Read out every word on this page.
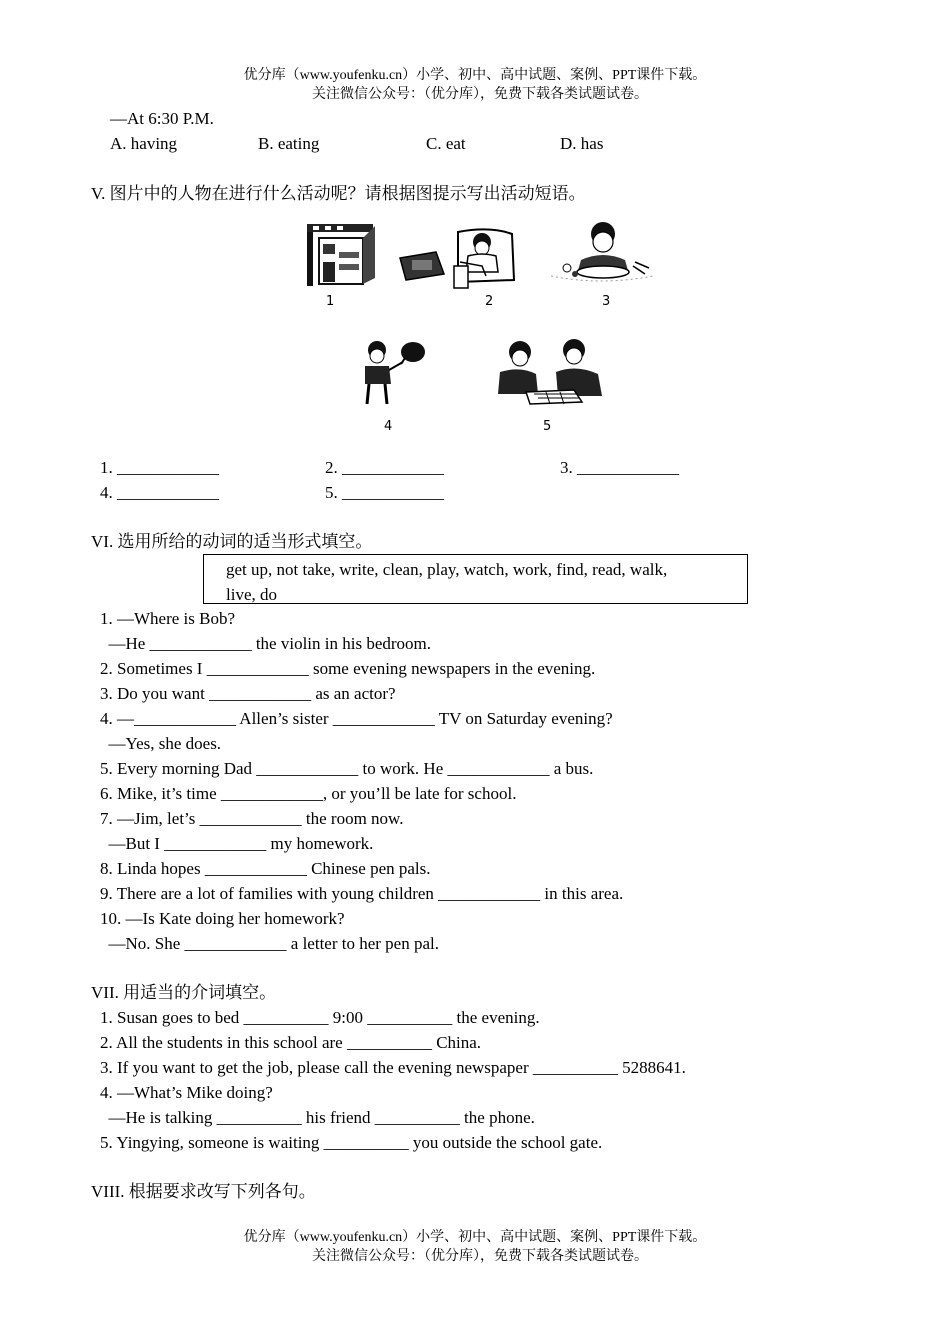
优分库（www.youfenku.cn）小学、初中、高中试题、案例、PPT课件下载。
关注微信公众号：（优分库），免费下载各类试题试卷。
—At 6:30 P.M.
A. having	B. eating	C. eat	D. has
V. 图片中的人物在进行什么活动呢？请根据图提示写出活动短语。
1	2	3
4	5
1. ____________	2. ____________	3. ____________
4. ____________	5. ____________
VI. 选用所给的动词的适当形式填空。
get up, not take, write, clean, play, watch, work, find, read, walk,
live, do
1. —Where is Bob?
—He ____________ the violin in his bedroom.
2. Sometimes I ____________ some evening newspapers in the evening.
3. Do you want ____________ as an actor?
4. —____________ Allen’s sister ____________ TV on Saturday evening?
—Yes, she does.
5. Every morning Dad ____________ to work. He ____________ a bus.
6. Mike, it’s time ____________, or you’ll be late for school.
7. —Jim, let’s ____________ the room now.
—But I ____________ my homework.
8. Linda hopes ____________ Chinese pen pals.
9. There are a lot of families with young children ____________ in this area.
10. —Is Kate doing her homework?
—No. She ____________ a letter to her pen pal.
VII. 用适当的介词填空。
1. Susan goes to bed __________ 9:00 __________ the evening.
2. All the students in this school are __________ China.
3. If you want to get the job, please call the evening newspaper __________ 5288641.
4. —What’s Mike doing?
—He is talking __________ his friend __________ the phone.
5. Yingying, someone is waiting __________ you outside the school gate.
VIII. 根据要求改写下列各句。
优分库（www.youfenku.cn）小学、初中、高中试题、案例、PPT课件下载。
关注微信公众号：（优分库），免费下载各类试题试卷。
